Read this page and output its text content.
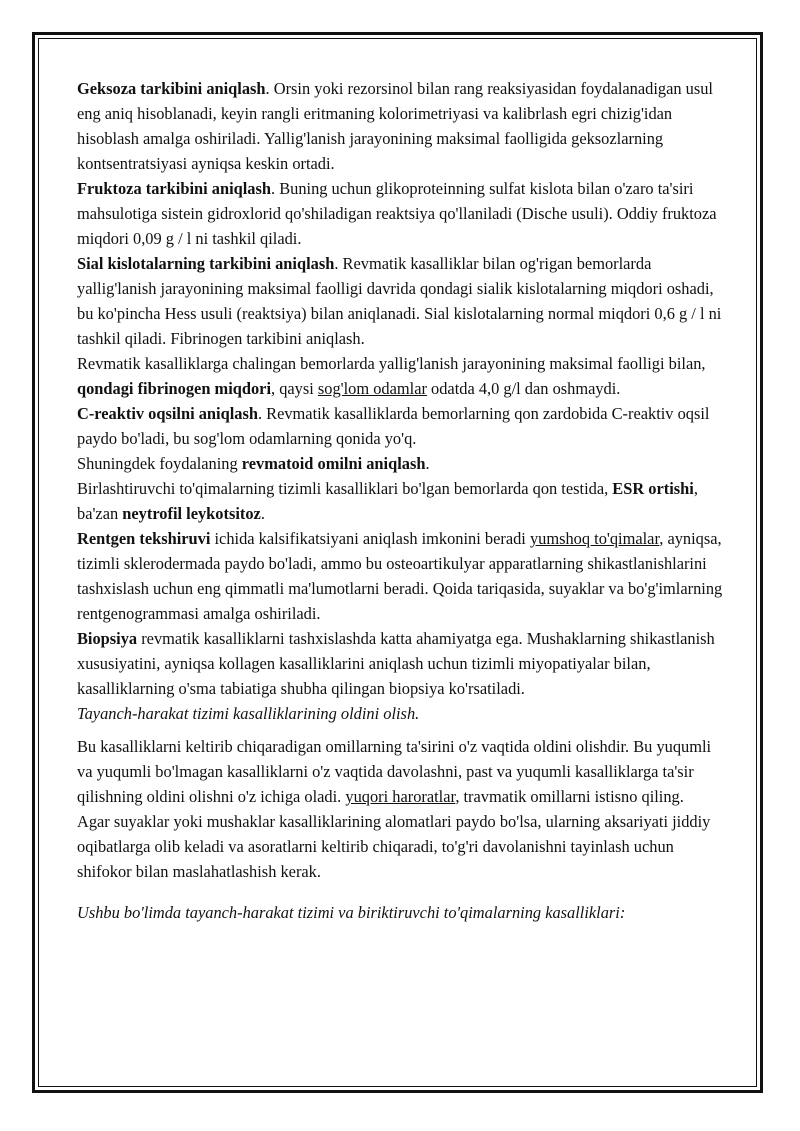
Geksoza tarkibini aniqlash. Orsin yoki rezorsinol bilan rang reaksiyasidan foydalanadigan usul eng aniq hisoblanadi, keyin rangli eritmaning kolorimetriyasi va kalibrlash egri chizig'idan hisoblash amalga oshiriladi. Yallig'lanish jarayonining maksimal faolligida geksozlarning kontsentratsiyasi ayniqsa keskin ortadi.

Fruktoza tarkibini aniqlash. Buning uchun glikoproteinning sulfat kislota bilan o'zaro ta'siri mahsulotiga sistein gidroxlorid qo'shiladigan reaktsiya qo'llaniladi (Dische usuli). Oddiy fruktoza miqdori 0,09 g / l ni tashkil qiladi.

Sial kislotalarning tarkibini aniqlash. Revmatik kasalliklar bilan og'rigan bemorlarda yallig'lanish jarayonining maksimal faolligi davrida qondagi sialik kislotalarning miqdori oshadi, bu ko'pincha Hess usuli (reaktsiya) bilan aniqlanadi. Sial kislotalarning normal miqdori 0,6 g / l ni tashkil qiladi. Fibrinogen tarkibini aniqlash.

Revmatik kasalliklarga chalingan bemorlarda yallig'lanish jarayonining maksimal faolligi bilan, qondagi fibrinogen miqdori, qaysi sog'lom odamlar odatda 4,0 g/l dan oshmaydi.

C-reaktiv oqsilni aniqlash. Revmatik kasalliklarda bemorlarning qon zardobida C-reaktiv oqsil paydo bo'ladi, bu sog'lom odamlarning qonida yo'q.

Shuningdek foydalaning revmatoid omilni aniqlash.

Birlashtiruvchi to'qimalarning tizimli kasalliklari bo'lgan bemorlarda qon testida, ESR ortishi, ba'zan neytrofil leykotsitoz.

Rentgen tekshiruvi ichida kalsifikatsiyani aniqlash imkonini beradi yumshoq to'qimalar, ayniqsa, tizimli sklerodermada paydo bo'ladi, ammo bu osteoartikulyar apparatlarning shikastlanishlarini tashxislash uchun eng qimmatli ma'lumotlarni beradi. Qoida tariqasida, suyaklar va bo'g'imlarning rentgenogrammasi amalga oshiriladi.

Biopsiya revmatik kasalliklarni tashxislashda katta ahamiyatga ega. Mushaklarning shikastlanish xususiyatini, ayniqsa kollagen kasalliklarini aniqlash uchun tizimli miyopatiyalar bilan, kasalliklarning o'sma tabiatiga shubha qilingan biopsiya ko'rsatiladi.

Tayanch-harakat tizimi kasalliklarining oldini olish.

Bu kasalliklarni keltirib chiqaradigan omillarning ta'sirini o'z vaqtida oldini olishdir. Bu yuqumli va yuqumli bo'lmagan kasalliklarni o'z vaqtida davolashni, past va yuqumli kasalliklarga ta'sir qilishning oldini olishni o'z ichiga oladi. yuqori haroratlar, travmatik omillarni istisno qiling.

Agar suyaklar yoki mushaklar kasalliklarining alomatlari paydo bo'lsa, ularning aksariyati jiddiy oqibatlarga olib keladi va asoratlarni keltirib chiqaradi, to'g'ri davolanishni tayinlash uchun shifokor bilan maslahatlashish kerak.

Ushbu bo'limda tayanch-harakat tizimi va biriktiruvchi to'qimalarning kasalliklari:
